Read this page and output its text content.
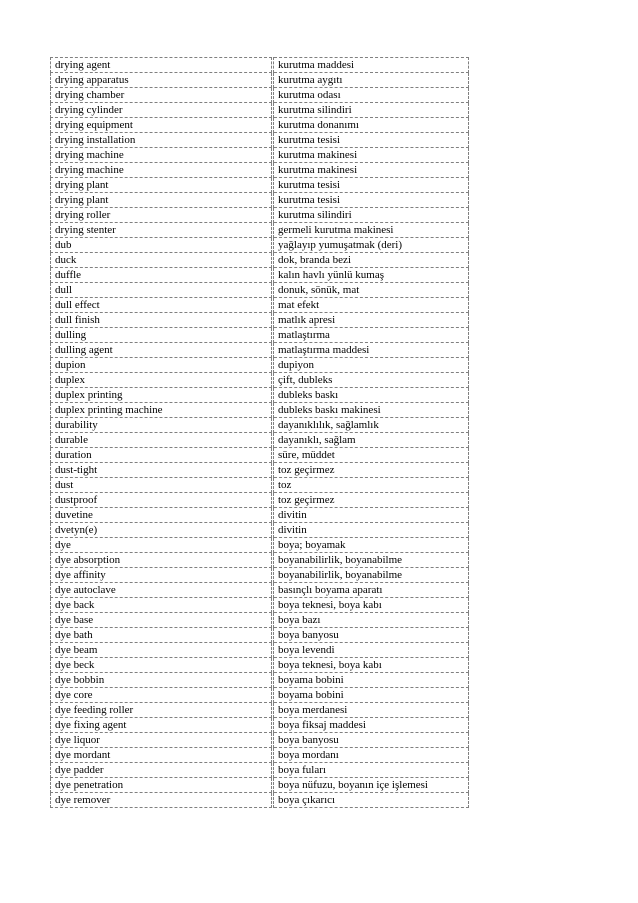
drying agent		kurutma maddesi
drying apparatus		kurutma aygıtı
drying chamber		kurutma odası
drying cylinder		kurutma silindiri
drying equipment		kurutma donanımı
drying installation		kurutma tesisi
drying machine		kurutma makinesi
drying machine		kurutma makinesi
drying plant		kurutma tesisi
drying plant		kurutma tesisi
drying roller		kurutma silindiri
drying stenter		germeli kurutma makinesi
dub		yağlayıp yumuşatmak (deri)
duck		dok, branda bezi
duffle		kalın havlı yünlü kumaş
dull		donuk, sönük, mat
dull effect		mat efekt
dull finish		matlık apresi
dulling		matlaştırma
dulling agent		matlaştırma maddesi
dupion		dupiyon
duplex		çift, dubleks
duplex printing		dubleks baskı
duplex printing machine		dubleks baskı makinesi
durability		dayanıklılık, sağlamlık
durable		dayanıklı, sağlam
duration		süre, müddet
dust-tight		toz geçirmez
dust		toz
dustproof		toz geçirmez
duvetine		divitin
dvetyn(e)		divitin
dye		boya; boyamak
dye absorption		boyanabilirlik, boyanabilme
dye affinity		boyanabilirlik, boyanabilme
dye autoclave		basınçlı boyama aparatı
dye back		boya teknesi, boya kabı
dye base		boya bazı
dye bath		boya banyosu
dye beam		boya levendi
dye beck		boya teknesi, boya kabı
dye bobbin		boyama bobini
dye core		boyama bobini
dye feeding roller		boya merdanesi
dye fixing agent		boya fiksaj maddesi
dye liquor		boya banyosu
dye mordant		boya mordanı
dye padder		boya fuları
dye penetration		boya nüfuzu, boyanın içe işlemesi
dye remover		boya çıkarıcı
